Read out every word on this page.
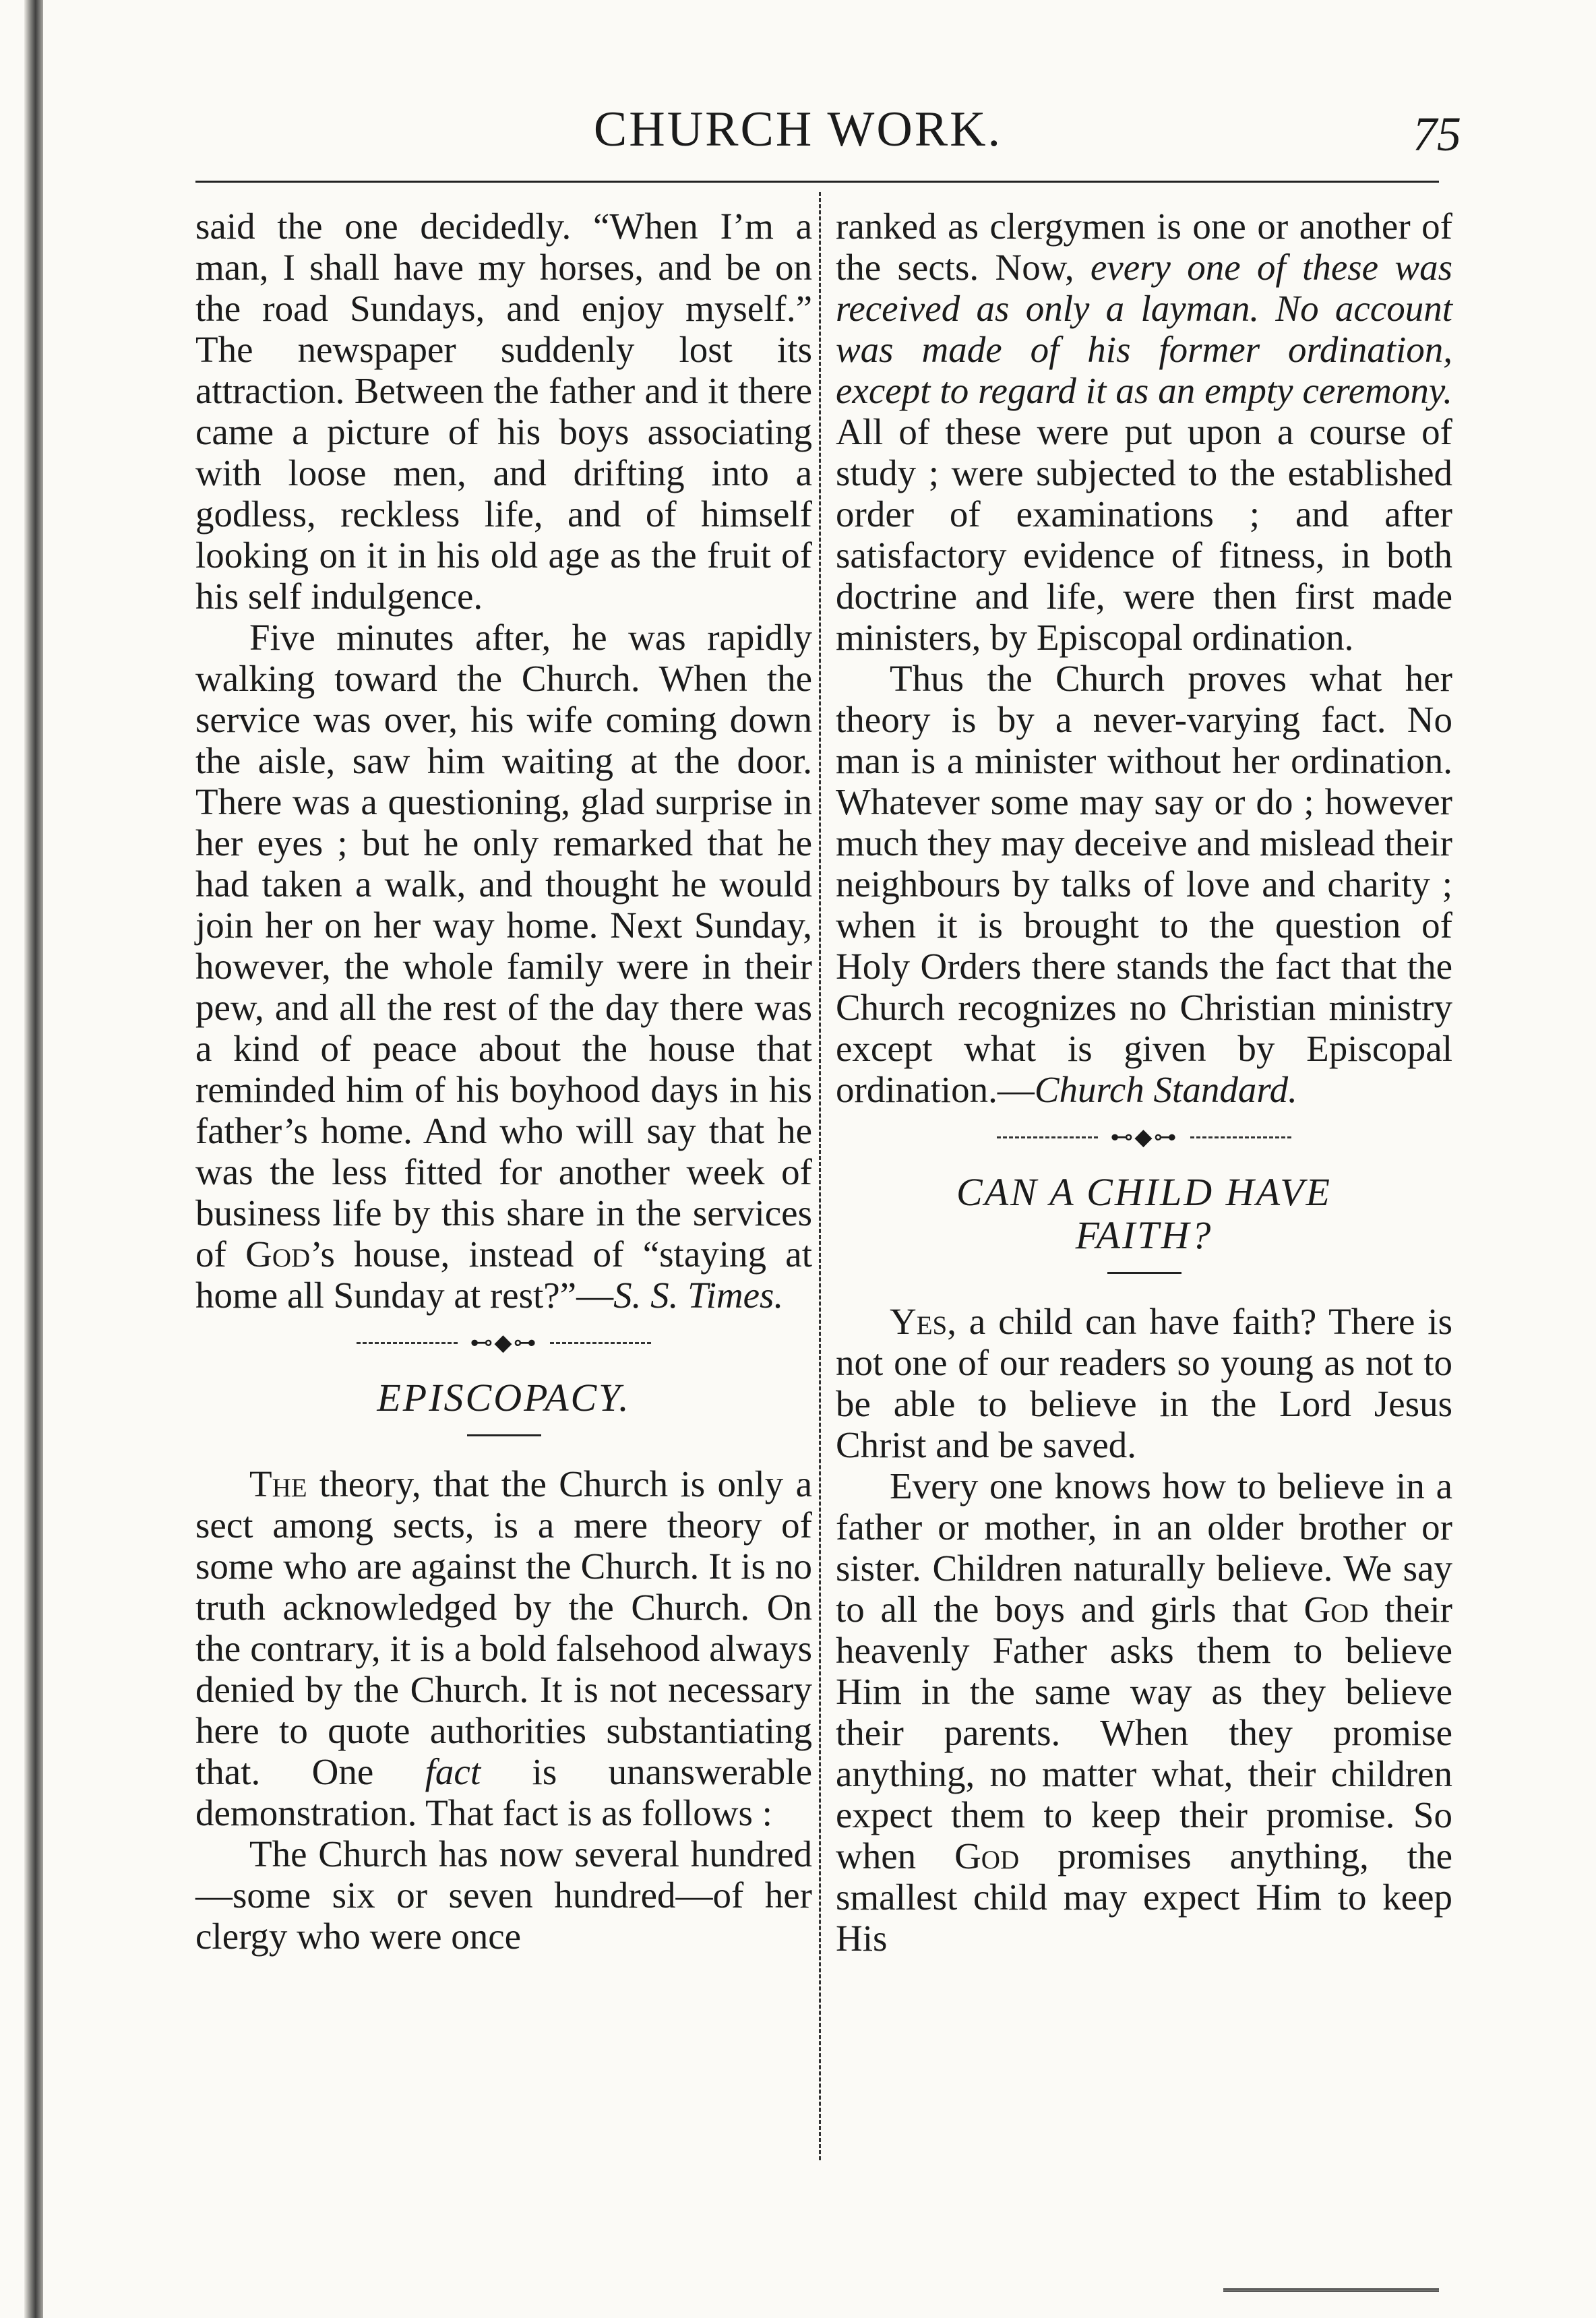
CHURCH WORK.	75

said the one decidedly. “When I’m a man, I shall have my horses, and be on the road Sundays, and enjoy myself.” The newspaper suddenly lost its attraction. Between the father and it there came a picture of his boys associating with loose men, and drifting into a godless, reckless life, and of himself looking on it in his old age as the fruit of his self indulgence.

Five minutes after, he was rapidly walking toward the Church. When the service was over, his wife coming down the aisle, saw him waiting at the door. There was a questioning, glad surprise in her eyes ; but he only remarked that he had taken a walk, and thought he would join her on her way home. Next Sunday, however, the whole family were in their pew, and all the rest of the day there was a kind of peace about the house that reminded him of his boyhood days in his father’s home. And who will say that he was the less fitted for another week of business life by this share in the services of God’s house, instead of “staying at home all Sunday at rest?”—S. S. Times.

⊷◆⊶
EPISCOPACY.

The theory, that the Church is only a sect among sects, is a mere theory of some who are against the Church. It is no truth acknowledged by the Church. On the contrary, it is a bold falsehood always denied by the Church. It is not necessary here to quote authorities substantiating that. One fact is unanswerable demonstration. That fact is as follows :

The Church has now several hundred—some six or seven hundred—of her clergy who were once

ranked as clergymen is one or another of the sects. Now, every one of these was received as only a layman. No account was made of his former ordination, except to regard it as an empty ceremony. All of these were put upon a course of study ; were subjected to the established order of examinations ; and after satisfactory evidence of fitness, in both doctrine and life, were then first made ministers, by Episcopal ordination.

Thus the Church proves what her theory is by a never-varying fact. No man is a minister without her ordination. Whatever some may say or do ; however much they may deceive and mislead their neighbours by talks of love and charity ; when it is brought to the question of Holy Orders there stands the fact that the Church recognizes no Christian ministry except what is given by Episcopal ordination.—Church Standard.

⊷◆⊶
CAN A CHILD HAVE
FAITH?

Yes, a child can have faith? There is not one of our readers so young as not to be able to believe in the Lord Jesus Christ and be saved.

Every one knows how to believe in a father or mother, in an older brother or sister. Children naturally believe. We say to all the boys and girls that God their heavenly Father asks them to believe Him in the same way as they believe their parents. When they promise anything, no matter what, their children expect them to keep their promise. So when God promises anything, the smallest child may expect Him to keep His
